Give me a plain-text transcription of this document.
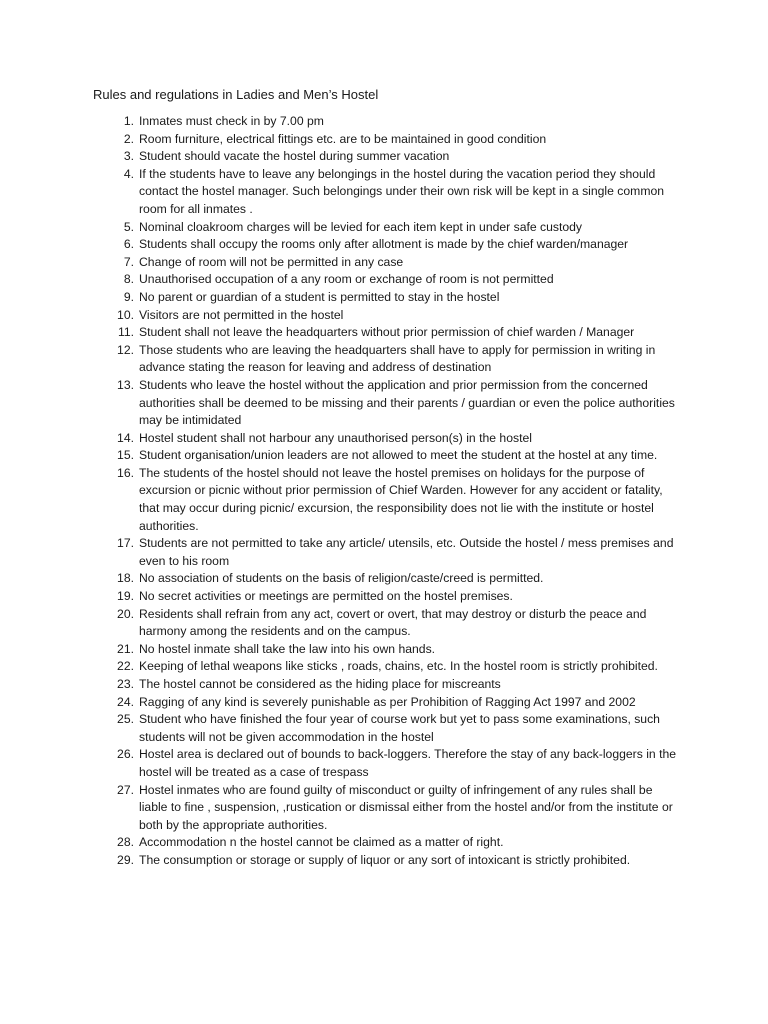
Rules and regulations in Ladies and Men’s Hostel
1. Inmates must check in by 7.00 pm
2. Room furniture, electrical fittings etc. are to be maintained in good condition
3. Student should vacate the hostel during summer vacation
4. If the students have to leave any belongings in the hostel during the vacation period they should contact the hostel manager. Such belongings under their own risk will be kept in a single common room for all inmates .
5. Nominal cloakroom charges will be levied for each item kept in under safe custody
6. Students shall occupy the rooms only after allotment is made by the chief warden/manager
7. Change of room will not be permitted in any case
8. Unauthorised occupation of a any room or exchange of room is not permitted
9. No parent or guardian of a student is permitted to stay in the hostel
10. Visitors are not permitted in the hostel
11. Student shall not leave the headquarters without prior permission of chief warden / Manager
12. Those students who are leaving the headquarters shall have to apply for permission in writing in advance stating the reason for leaving and address of destination
13. Students who leave the hostel without the application and prior permission from the concerned authorities shall be deemed to be missing and their parents / guardian or even the police authorities may be intimidated
14. Hostel student shall not harbour any unauthorised person(s) in the hostel
15. Student organisation/union leaders are not allowed to meet the student at the hostel at any time.
16. The students of the hostel should not leave the hostel premises on holidays for the purpose of excursion or picnic without prior permission of Chief Warden. However for any accident or fatality, that may occur during picnic/ excursion, the responsibility does not lie with the institute or hostel authorities.
17. Students are not permitted to take any article/ utensils, etc. Outside the hostel / mess premises and even to his room
18. No association of students on the basis of religion/caste/creed is permitted.
19. No secret activities or meetings are permitted on the hostel premises.
20. Residents shall refrain from any act, covert or overt, that may destroy or disturb the peace and harmony among the residents and on the campus.
21. No hostel inmate shall take the law into his own hands.
22. Keeping of lethal weapons like sticks , roads, chains, etc. In the hostel room is strictly prohibited.
23. The hostel cannot be considered as the hiding place for miscreants
24. Ragging of any kind is severely punishable as per Prohibition of Ragging Act 1997 and 2002
25. Student who have finished the four year of course work but yet to pass some examinations, such students will not be given accommodation in the hostel
26. Hostel area is declared out of bounds to back-loggers. Therefore the stay of any back-loggers in the hostel will be treated as a case of trespass
27. Hostel inmates who are found guilty of misconduct or guilty of infringement of any rules shall be liable to fine , suspension, ,rustication or dismissal either from the hostel and/or from the institute or both by the appropriate authorities.
28. Accommodation n the hostel cannot be claimed as a matter of right.
29. The consumption or storage or supply of liquor or any sort of intoxicant is strictly prohibited.
